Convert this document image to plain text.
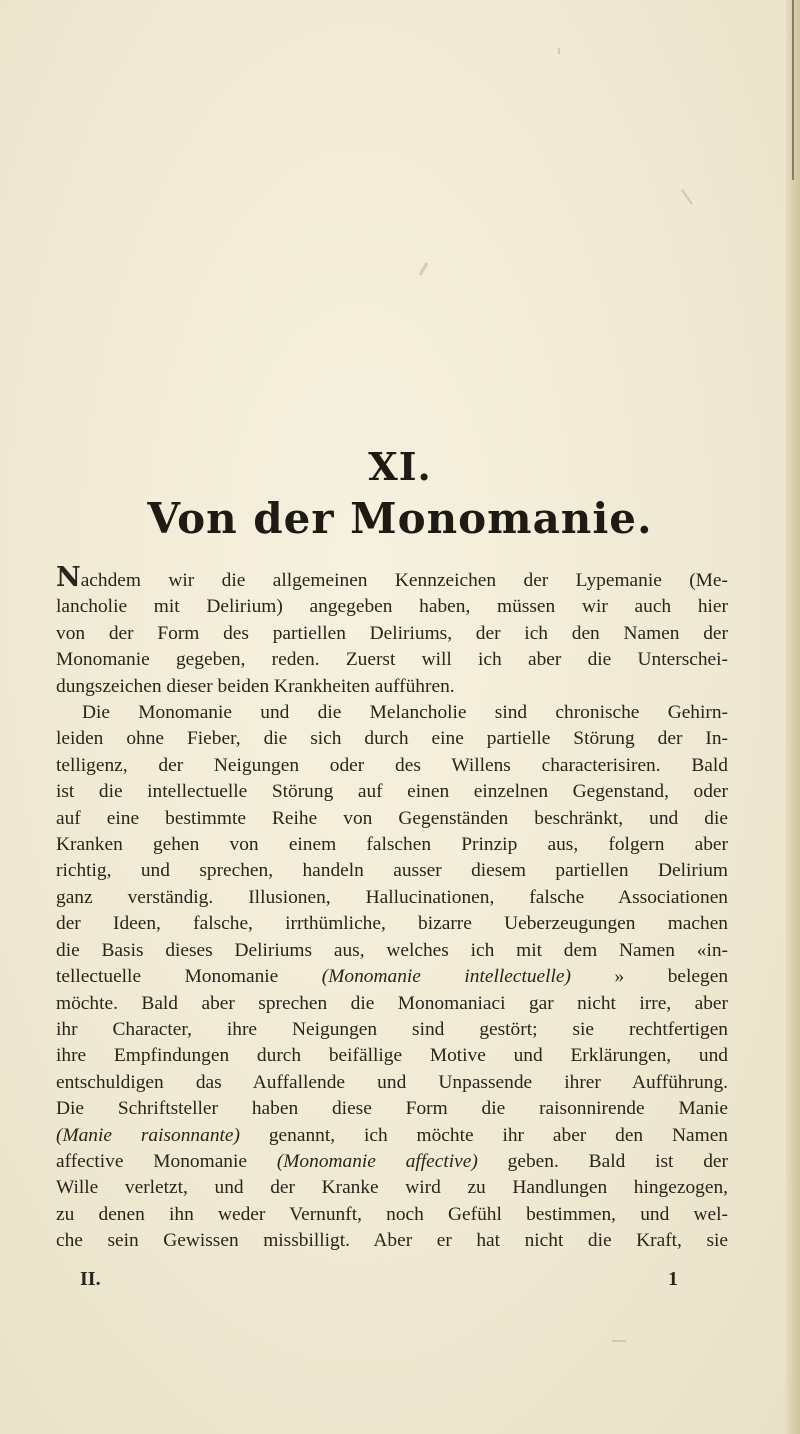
XI.
Von der Monomanie.
Nachdem wir die allgemeinen Kennzeichen der Lypemanie (Me-
lancholie mit Delirium) angegeben haben, müssen wir auch hier
von der Form des partiellen Deliriums, der ich den Namen der
Monomanie gegeben, reden. Zuerst will ich aber die Unterschei-
dungszeichen dieser beiden Krankheiten aufführen.
Die Monomanie und die Melancholie sind chronische Gehirn-
leiden ohne Fieber, die sich durch eine partielle Störung der In-
telligenz, der Neigungen oder des Willens characterisiren. Bald
ist die intellectuelle Störung auf einen einzelnen Gegenstand, oder
auf eine bestimmte Reihe von Gegenständen beschränkt, und die
Kranken gehen von einem falschen Prinzip aus, folgern aber
richtig, und sprechen, handeln ausser diesem partiellen Delirium
ganz verständig. Illusionen, Hallucinationen, falsche Associationen
der Ideen, falsche, irrthümliche, bizarre Ueberzeugungen machen
die Basis dieses Deliriums aus, welches ich mit dem Namen «in-
tellectuelle Monomanie (Monomanie intellectuelle) » belegen
möchte. Bald aber sprechen die Monomaniaci gar nicht irre, aber
ihr Character, ihre Neigungen sind gestört; sie rechtfertigen
ihre Empfindungen durch beifällige Motive und Erklärungen, und
entschuldigen das Auffallende und Unpassende ihrer Aufführung.
Die Schriftsteller haben diese Form die raisonnirende Manie
(Manie raisonnante) genannt, ich möchte ihr aber den Namen
affective Monomanie (Monomanie affective) geben. Bald ist der
Wille verletzt, und der Kranke wird zu Handlungen hingezogen,
zu denen ihn weder Vernunft, noch Gefühl bestimmen, und wel-
che sein Gewissen missbilligt. Aber er hat nicht die Kraft, sie
II.	1
